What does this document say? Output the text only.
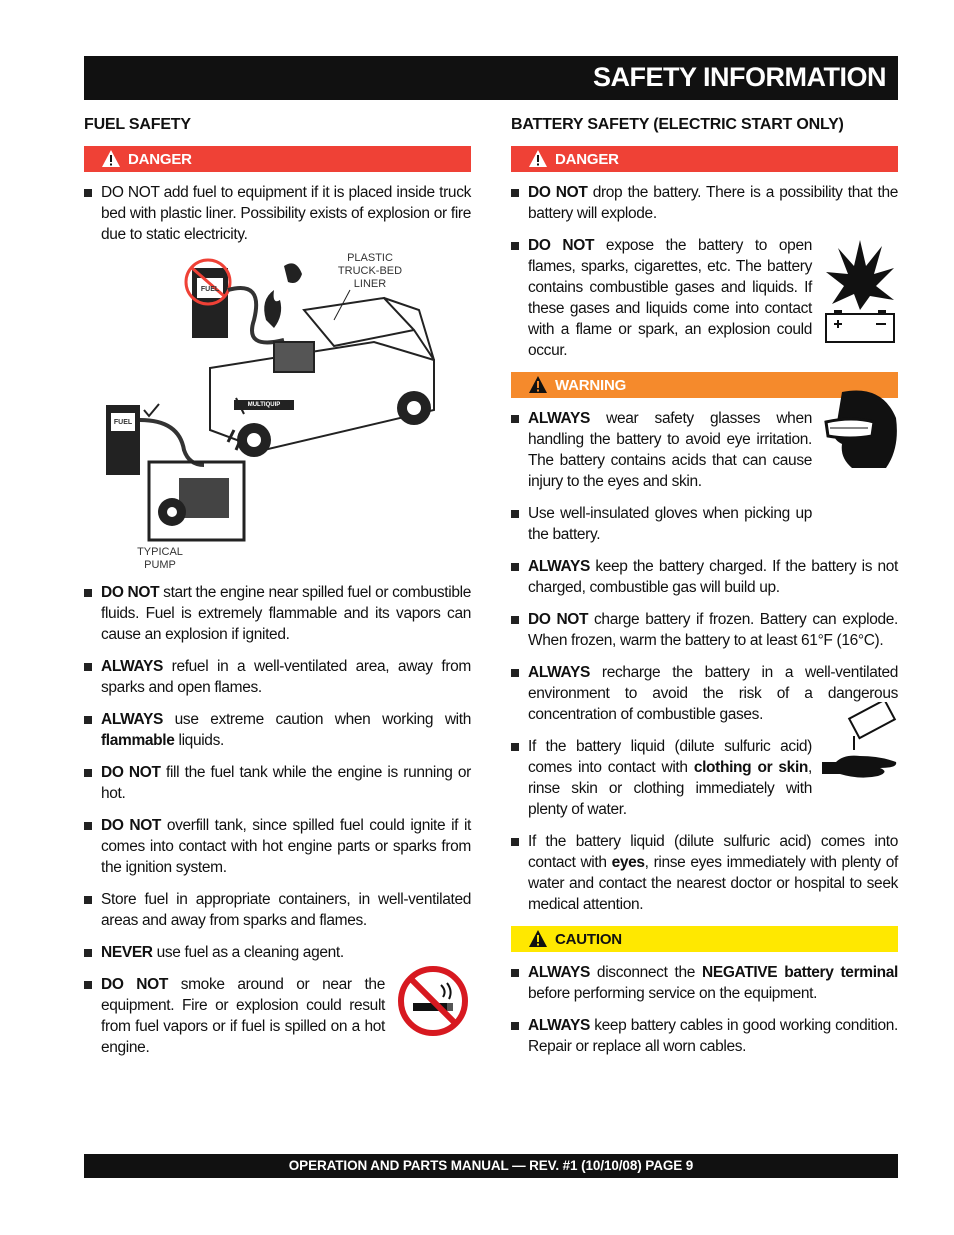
SAFETY INFORMATION
FUEL SAFETY
DANGER
DO NOT add fuel to equipment if it is placed inside truck bed with plastic liner. Possibility exists of explosion or fire due to static electricity.
PLASTIC TRUCK-BED LINER
FUEL
MULTIQUIP
FUEL
TYPICAL PUMP
DO NOT start the engine near spilled fuel or combustible fluids. Fuel is extremely flammable and its vapors can cause an explosion if ignited.
ALWAYS refuel in a well-ventilated area, away from sparks and open flames.
ALWAYS use extreme caution when working with flammable liquids.
DO NOT fill the fuel tank while the engine is running or hot.
DO NOT overfill tank, since spilled fuel could ignite if it comes into contact with hot engine parts or sparks from the ignition system.
Store fuel in appropriate containers, in well-ventilated areas and away from sparks and flames.
NEVER use fuel as a cleaning agent.
DO NOT smoke around or near the equipment. Fire or explosion could result from fuel vapors or if fuel is spilled on a hot engine.
BATTERY SAFETY (ELECTRIC START ONLY)
DANGER
DO NOT drop the battery. There is a possibility that the battery will explode.
DO NOT expose the battery to open flames, sparks, cigarettes, etc. The battery contains combustible gases and liquids. If these gases and liquids come into contact with a flame or spark, an explosion could occur.
WARNING
ALWAYS wear safety glasses when handling the battery to avoid eye irritation. The battery contains acids that can cause injury to the eyes and skin.
Use well-insulated gloves when picking up the battery.
ALWAYS keep the battery charged. If the battery is not charged, combustible gas will build up.
DO NOT charge battery if frozen. Battery can explode. When frozen, warm the battery to at least 61°F (16°C).
ALWAYS recharge the battery in a well-ventilated environment to avoid the risk of a dangerous concentration of combustible gases.
If the battery liquid (dilute sulfuric acid) comes into contact with clothing or skin, rinse skin or clothing immediately with plenty of water.
If the battery liquid (dilute sulfuric acid) comes into contact with eyes, rinse eyes immediately with plenty of water and contact the nearest doctor or hospital to seek medical attention.
CAUTION
ALWAYS disconnect the NEGATIVE battery terminal before performing service on the equipment.
ALWAYS keep battery cables in good working condition. Repair or replace all worn cables.
OPERATION AND PARTS MANUAL — REV. #1 (10/10/08) PAGE 9
